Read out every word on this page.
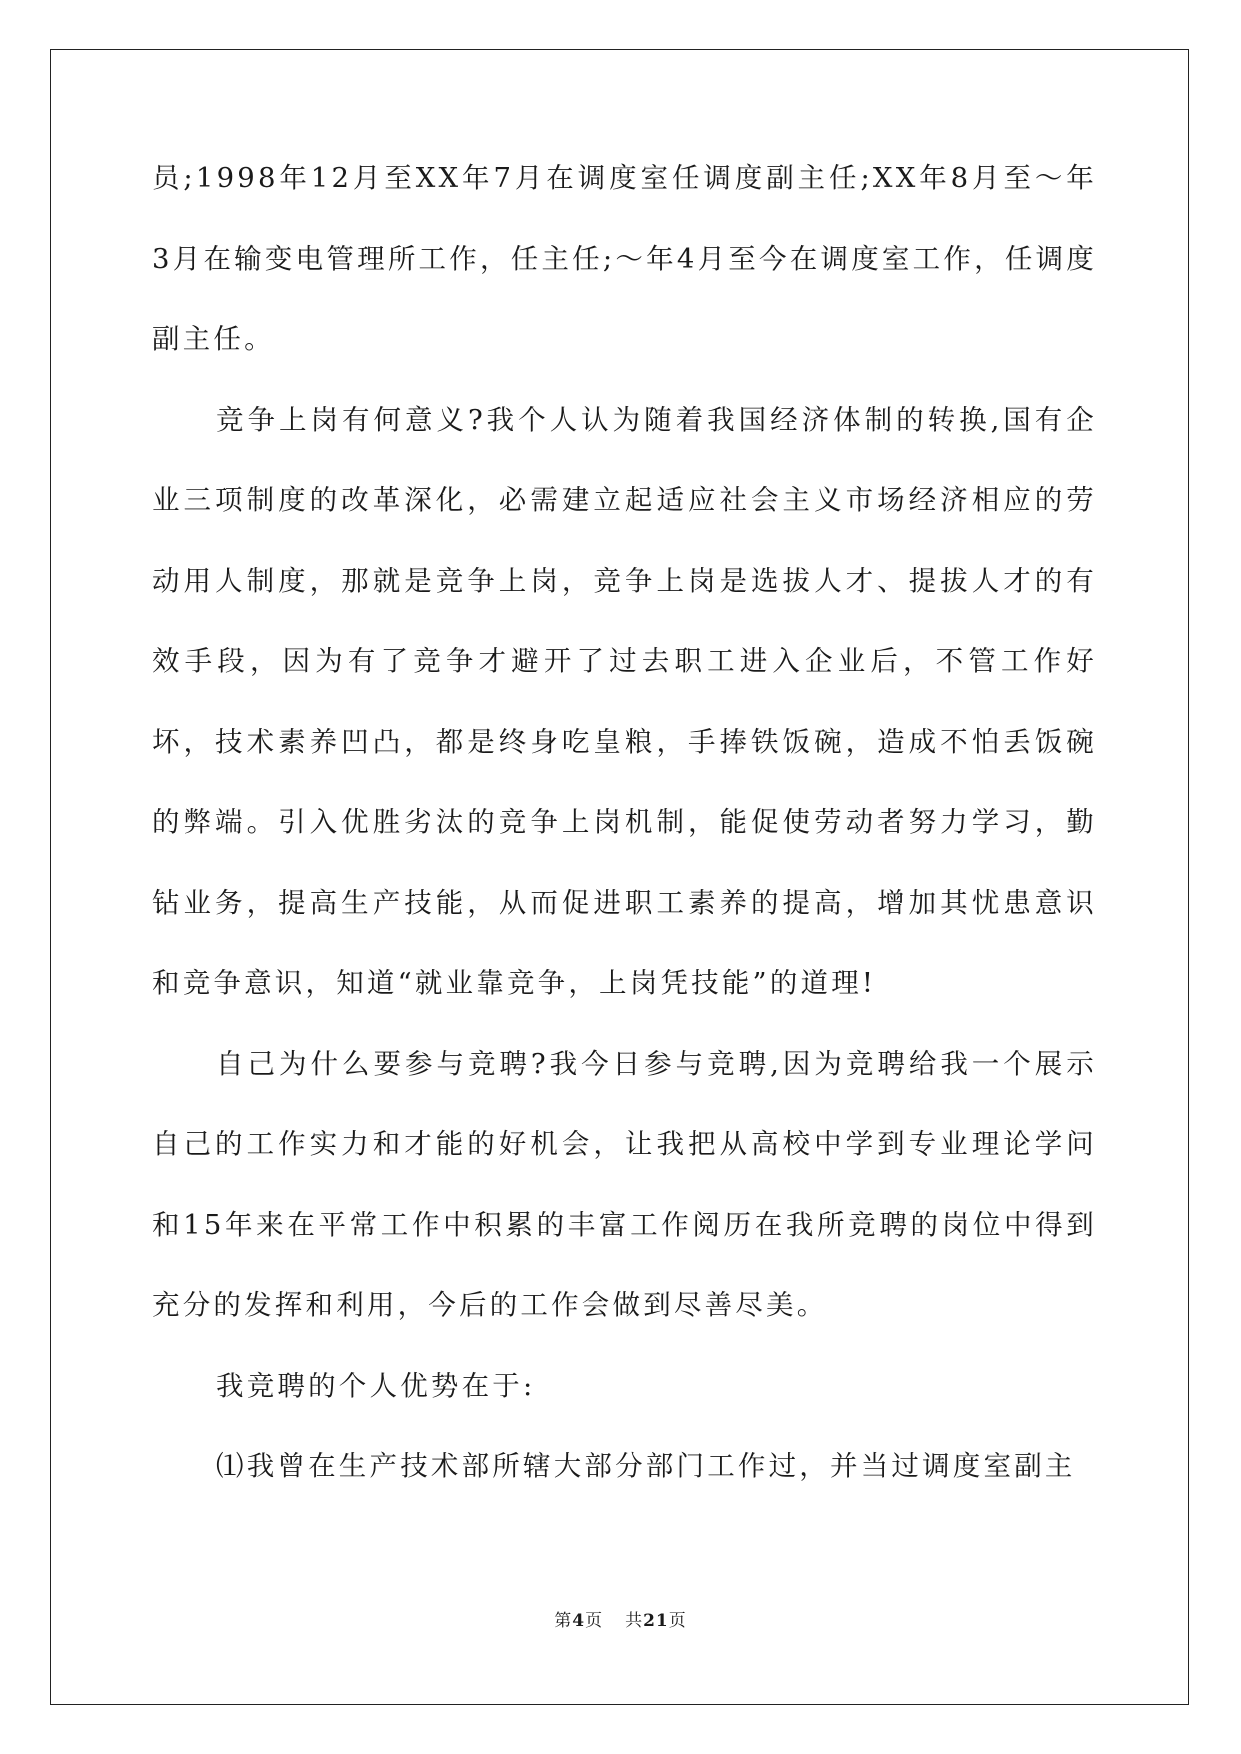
员;1998年12月至XX年7月在调度室任调度副主任;XX年8月至～年3月在输变电管理所工作，任主任;～年4月至今在调度室工作，任调度副主任。

竞争上岗有何意义?我个人认为随着我国经济体制的转换,国有企业三项制度的改革深化，必需建立起适应社会主义市场经济相应的劳动用人制度，那就是竞争上岗，竞争上岗是选拔人才、提拔人才的有效手段，因为有了竞争才避开了过去职工进入企业后，不管工作好坏，技术素养凹凸，都是终身吃皇粮，手捧铁饭碗，造成不怕丢饭碗的弊端。引入优胜劣汰的竞争上岗机制，能促使劳动者努力学习，勤钻业务，提高生产技能，从而促进职工素养的提高，增加其忧患意识和竞争意识，知道“就业靠竞争，上岗凭技能”的道理!

自己为什么要参与竞聘?我今日参与竞聘,因为竞聘给我一个展示自己的工作实力和才能的好机会，让我把从高校中学到专业理论学问和15年来在平常工作中积累的丰富工作阅历在我所竞聘的岗位中得到充分的发挥和利用，今后的工作会做到尽善尽美。

我竞聘的个人优势在于:

⑴我曾在生产技术部所辖大部分部门工作过，并当过调度室副主

第4页 共21页
